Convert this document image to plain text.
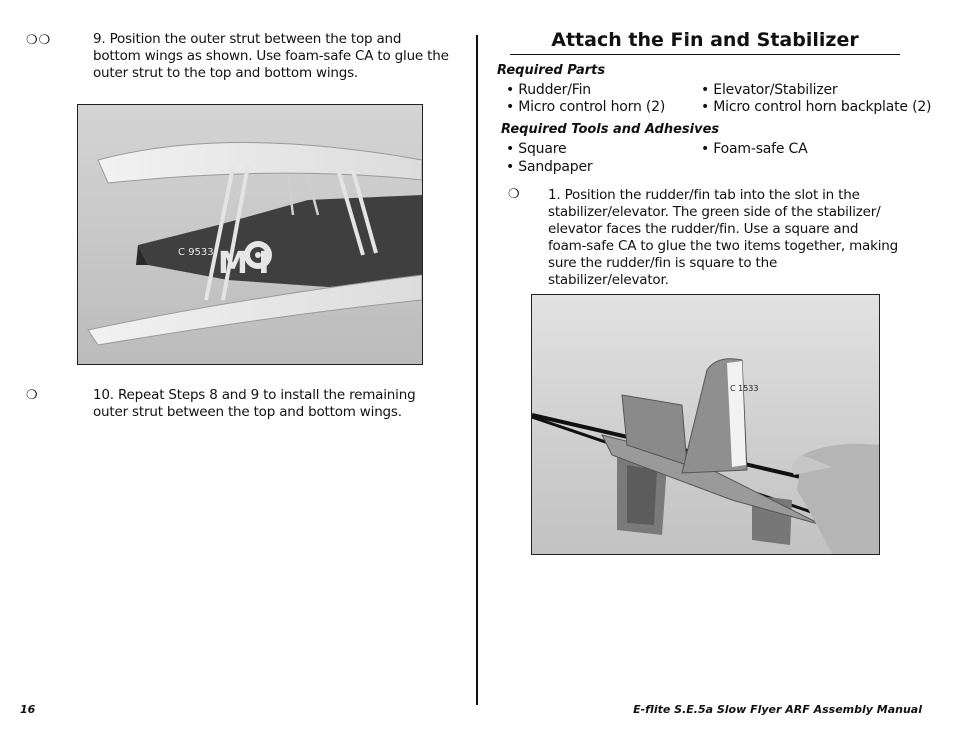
❍❍	9. Position the outer strut between the top and bottom wings as shown. Use foam-safe CA to glue the outer strut to the top and bottom wings.
C 9533 M I
❍	10. Repeat Steps 8 and 9 to install the remaining outer strut between the top and bottom wings.
Attach the Fin and Stabilizer
Required Parts
• Rudder/Fin
• Micro control horn (2)
• Elevator/Stabilizer
• Micro control horn backplate (2)
Required Tools and Adhesives
• Square
• Sandpaper
• Foam-safe CA
❍ 1. Position the rudder/fin tab into the slot in the stabilizer/elevator. The green side of the stabilizer/ elevator faces the rudder/fin. Use a square and foam-safe CA to glue the two items together, making sure the rudder/fin is square to the stabilizer/elevator.
C 1533
16	E-flite S.E.5a Slow Flyer ARF Assembly Manual
